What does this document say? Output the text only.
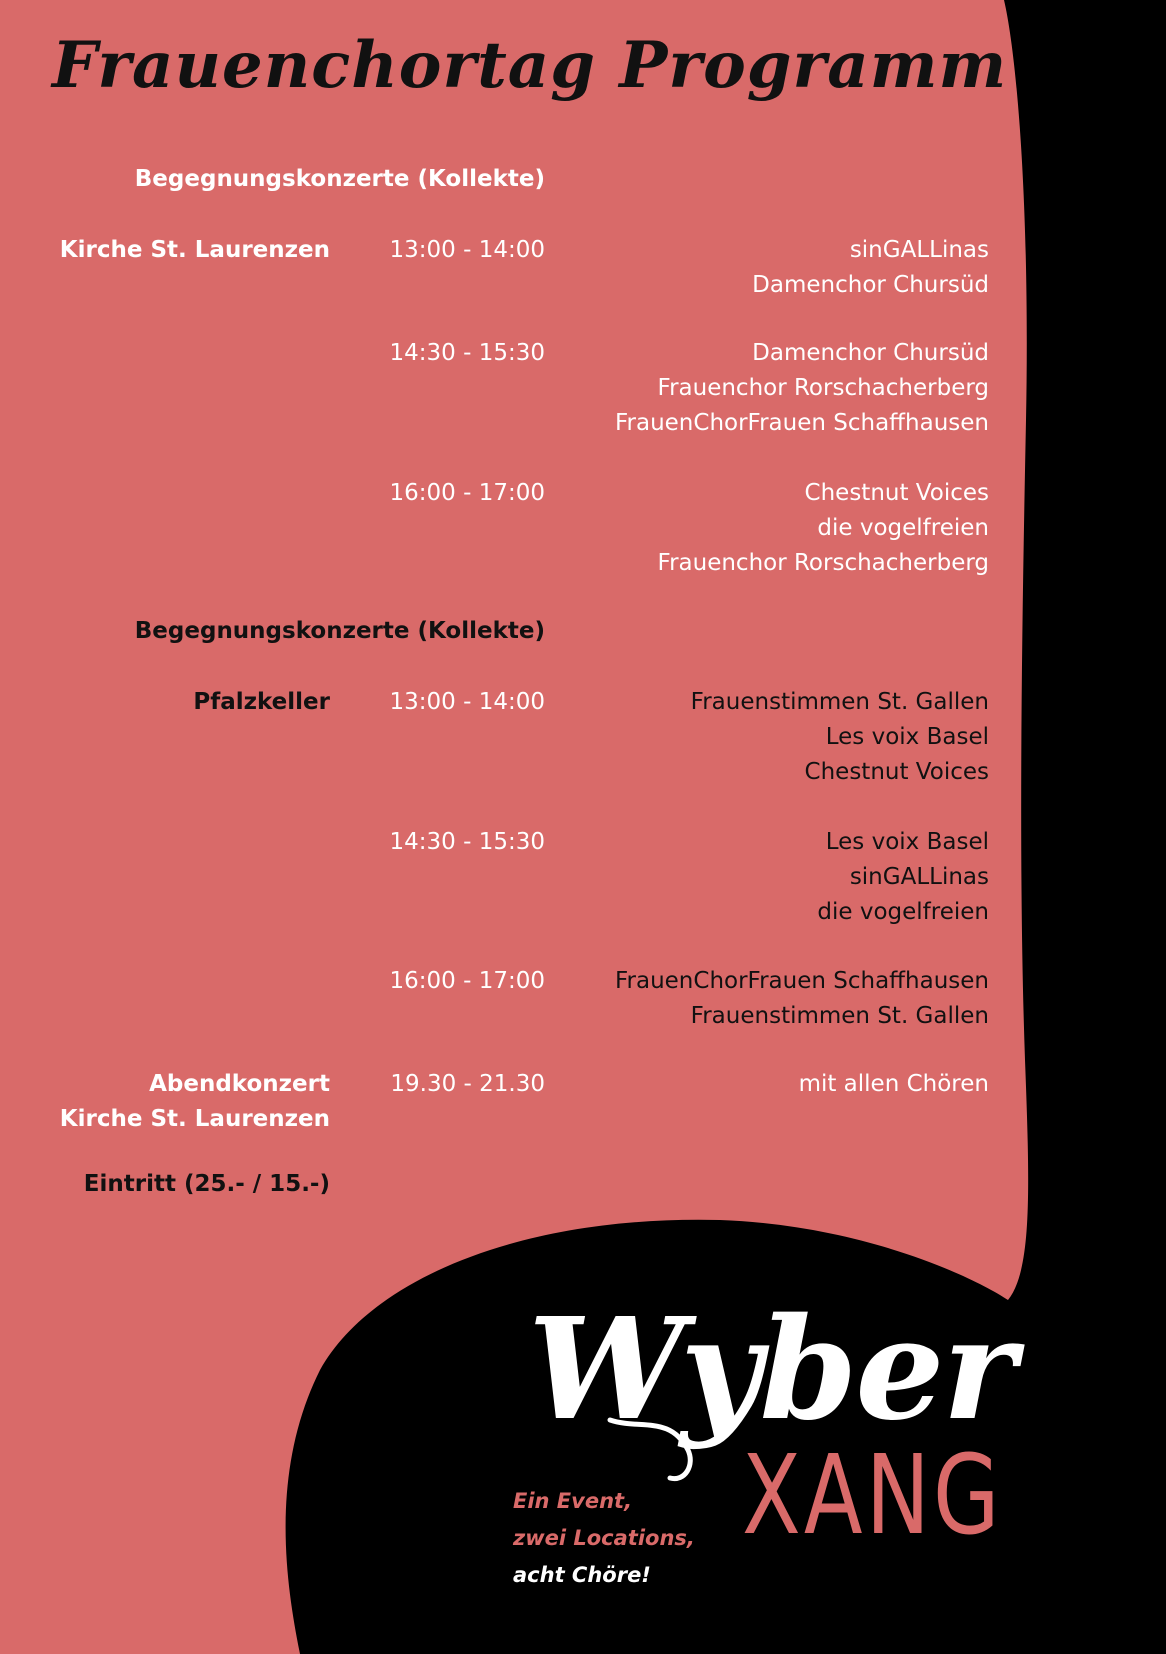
Frauenchortag Programm
Begegnungskonzerte (Kollekte)
Kirche St. Laurenzen	13:00 - 14:00	sinGALLinas
Damenchor Chursüd
14:30 - 15:30	Damenchor Chursüd
Frauenchor Rorschacherberg
FrauenChorFrauen Schaffhausen
16:00 - 17:00	Chestnut Voices
die vogelfreien
Frauenchor Rorschacherberg
Begegnungskonzerte (Kollekte)
Pfalzkeller	13:00 - 14:00	Frauenstimmen St. Gallen
Les voix Basel
Chestnut Voices
14:30 - 15:30	Les voix Basel
sinGALLinas
die vogelfreien
16:00 - 17:00	FrauenChorFrauen Schaffhausen
Frauenstimmen St. Gallen
Abendkonzert
Kirche St. Laurenzen
19.30 - 21.30	mit allen Chören
Eintritt (25.- / 15.-)
Wyber
XANG
Ein Event,
zwei Locations,
acht Chöre!
